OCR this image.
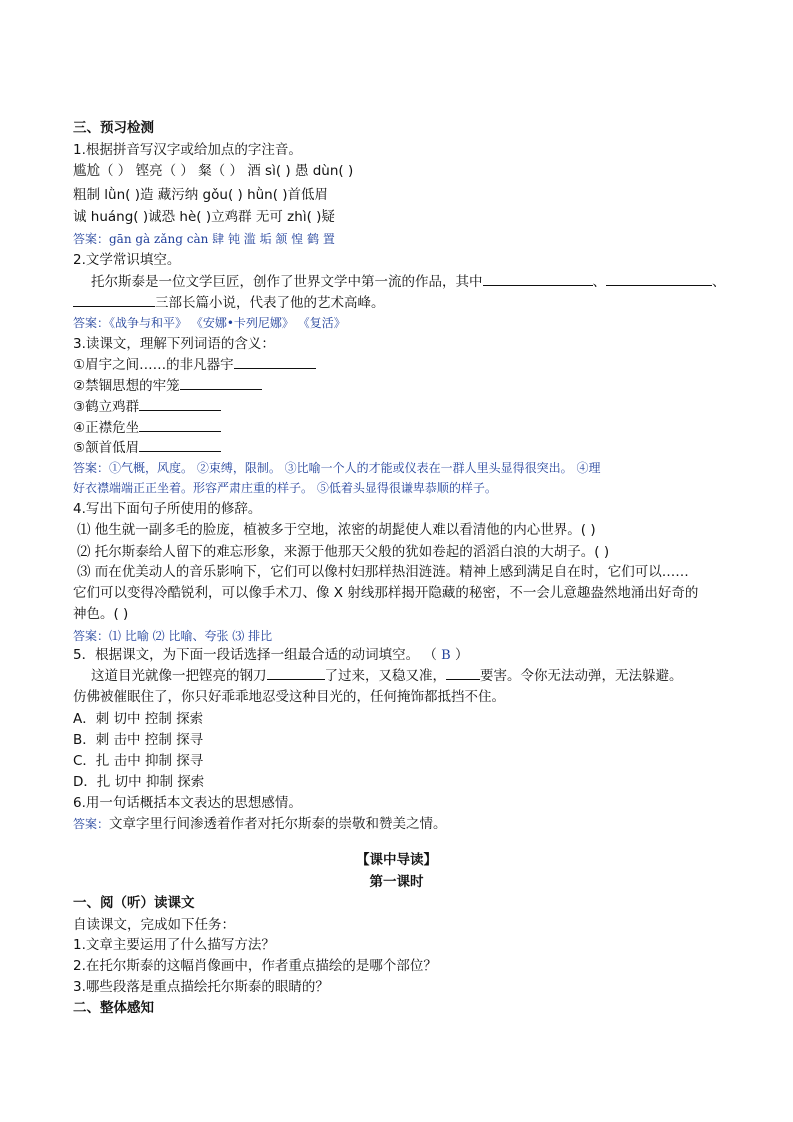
三、预习检测
1.根据拼音写汉字或给加点的字注音。
尴尬（ ） 铿亮（ ） 粲（ ） 酒 sì( ) 愚 dùn( )
粗制 lǜn( )造 藏污纳 gǒu( ) hǜn( )首低眉
诚 huáng( )诚恐 hè( )立鸡群 无可 zhì( )疑
答案：gān gà zǎng càn 肆 钝 滥 垢 颔 惶 鹤 置
2.文学常识填空。
托尔斯泰是一位文学巨匠，创作了世界文学中第一流的作品，其中	、	、
三部长篇小说，代表了他的艺术高峰。
答案：《战争与和平》 《安娜•卡列尼娜》 《复活》
3.读课文，理解下列词语的含义：
①眉宇之间……的非凡器宇
②禁锢思想的牢笼
③鹤立鸡群
④正襟危坐
⑤颔首低眉
答案：①气概，风度。 ②束缚，限制。 ③比喻一个人的才能或仪表在一群人里头显得很突出。 ④理
好衣襟端端正正坐着。形容严肃庄重的样子。 ⑤低着头显得很谦卑恭顺的样子。
4.写出下面句子所使用的修辞。
⑴ 他生就一副多毛的脸庞，植被多于空地，浓密的胡髭使人难以看清他的内心世界。( )
⑵ 托尔斯泰给人留下的难忘形象，来源于他那天父般的犹如卷起的滔滔白浪的大胡子。( )
⑶ 而在优美动人的音乐影响下，它们可以像村妇那样热泪涟涟。精神上感到满足自在时，它们可以……
它们可以变得冷酷锐利，可以像手术刀、像 X 射线那样揭开隐藏的秘密，不一会儿意趣盎然地涌出好奇的
神色。( )
答案：⑴ 比喻 ⑵ 比喻、夸张 ⑶ 排比
5．根据课文，为下面一段话选择一组最合适的动词填空。 （ B ）
这道目光就像一把铿亮的钢刀	了过来，又稳又准，	要害。令你无法动弹，无法躲避。
仿佛被催眠住了，你只好乖乖地忍受这种目光的，任何掩饰都抵挡不住。
A．刺 切中 控制 探索
B．刺 击中 控制 探寻
C．扎 击中 抑制 探寻
D．扎 切中 抑制 探索
6.用一句话概括本文表达的思想感情。
答案：文章字里行间渗透着作者对托尔斯泰的崇敬和赞美之情。
【课中导读】
第一课时
一、阅（听）读课文
自读课文，完成如下任务：
1.文章主要运用了什么描写方法？
2.在托尔斯泰的这幅肖像画中，作者重点描绘的是哪个部位？
3.哪些段落是重点描绘托尔斯泰的眼睛的？
二、整体感知
